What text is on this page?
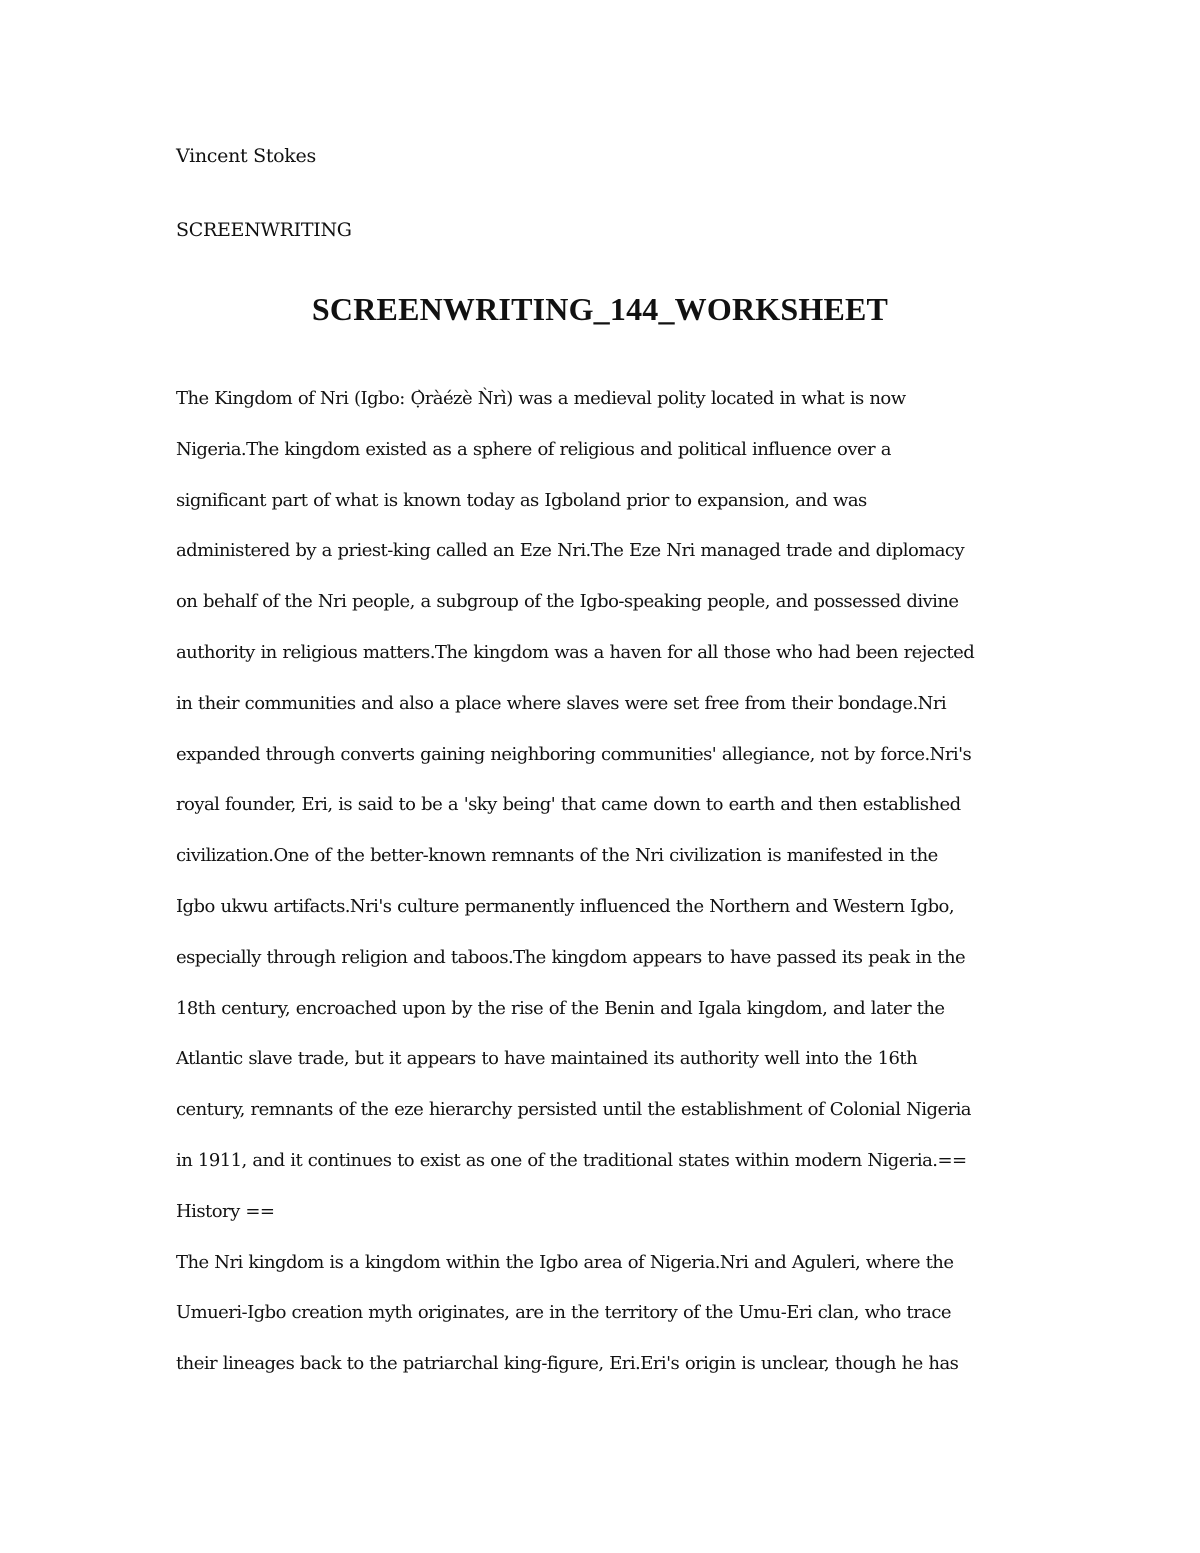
Vincent Stokes
SCREENWRITING
SCREENWRITING_144_WORKSHEET
The Kingdom of Nri (Igbo: Ọ̀ràézè Ǹrì) was a medieval polity located in what is now
Nigeria.The kingdom existed as a sphere of religious and political influence over a
significant part of what is known today as Igboland prior to expansion, and was
administered by a priest-king called an Eze Nri.The Eze Nri managed trade and diplomacy
on behalf of the Nri people, a subgroup of the Igbo-speaking people, and possessed divine
authority in religious matters.The kingdom was a haven for all those who had been rejected
in their communities and also a place where slaves were set free from their bondage.Nri
expanded through converts gaining neighboring communities' allegiance, not by force.Nri's
royal founder, Eri, is said to be a 'sky being' that came down to earth and then established
civilization.One of the better-known remnants of the Nri civilization is manifested in the
Igbo ukwu artifacts.Nri's culture permanently influenced the Northern and Western Igbo,
especially through religion and taboos.The kingdom appears to have passed its peak in the
18th century, encroached upon by the rise of the Benin and Igala kingdom, and later the
Atlantic slave trade, but it appears to have maintained its authority well into the 16th
century, remnants of the eze hierarchy persisted until the establishment of Colonial Nigeria
in 1911, and it continues to exist as one of the traditional states within modern Nigeria.==
History ==
The Nri kingdom is a kingdom within the Igbo area of Nigeria.Nri and Aguleri, where the
Umueri-Igbo creation myth originates, are in the territory of the Umu-Eri clan, who trace
their lineages back to the patriarchal king-figure, Eri.Eri's origin is unclear, though he has
